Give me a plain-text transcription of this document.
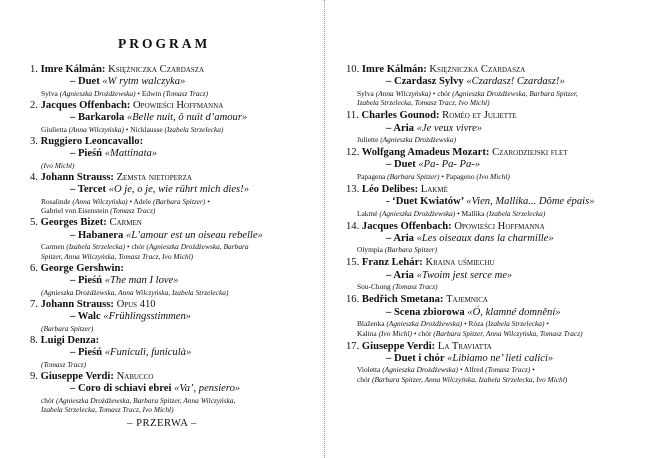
PROGRAM
1. Imre Kálmán: Księżniczka Czardasza
– Duet «W rytm walczyka»
Sylva (Agnieszka Drożdżewska) • Edwin (Tomasz Tracz)
2. Jacques Offenbach: Opowieści Hoffmanna
– Barkarola «Belle nuit, ô nuit d’amour»
Giulietta (Anna Wilczyńska) • Nicklausse (Izabela Strzelecka)
3. Ruggiero Leoncavallo:
– Pieśń «Mattinata»
(Ivo Michl)
4. Johann Strauss: Zemsta nietoperza
– Tercet «O je, o je, wie rührt mich dies!»
Rosalinde (Anna Wilczyńska) • Adele (Barbara Spitzer) •
Gabriel von Eisenstein (Tomasz Tracz)
5. Georges Bizet: Carmen
– Habanera «L’amour est un oiseau rebelle»
Carmen (Izabela Strzelecka) • chór (Agnieszka Drożdżewska, Barbara
Spitzer, Anna Wilczyńska, Tomasz Tracz, Ivo Michl)
6. George Gershwin:
– Pieśń «The man I love»
(Agnieszka Drożdżewska, Anna Wilczyńska, Izabela Strzelecka)
7. Johann Strauss: Opus 410
– Walc «Frühlingsstimmen»
(Barbara Spitzer)
8. Luigi Denza:
– Pieśń «Funiculì, funiculà»
(Tomasz Tracz)
9. Giuseppe Verdi: Nabucco
– Coro di schiavi ebrei «Va’, pensiero»
chór (Agnieszka Drożdżewska, Barbara Spitzer, Anna Wilczyńska,
Izabela Strzelecka, Tomasz Tracz, Ivo Michl)
10. Imre Kálmán: Księżniczka Czardasza
– Czardasz Sylvy «Czardasz! Czardasz!»
Sylva (Anna Wilczyńska) • chór (Agnieszka Drożdżewska, Barbara Spitzer,
Izabela Strzelecka, Tomasz Tracz, Ivo Michl)
11. Charles Gounod: Roméo et Juliette
– Aria «Je veux vivre»
Juliette (Agnieszka Drożdżewska)
12. Wolfgang Amadeus Mozart: Czarodziejski flet
– Duet «Pa- Pa- Pa-»
Papagena (Barbara Spitzer) • Papageno (Ivo Michl)
13. Léo Delibes: Lakmé
- ‘Duet Kwiatów’ «Vien, Mallika... Dôme épais»
Lakmé (Agnieszka Drożdżewska) • Mallika (Izabela Strzelecka)
14. Jacques Offenbach: Opowieści Hoffmanna
– Aria «Les oiseaux dans la charmille»
Olympia (Barbara Spitzer)
15. Franz Lehár: Kraina uśmiechu
– Aria «Twoim jest serce me»
Sou-Chong (Tomasz Tracz)
16. Bedřich Smetana: Tajemnica
– Scena zbiorowa «Ó, klamné domnění»
Blaženka (Agnieszka Drożdżewska) • Róza (Izabela Strzelecka) •
Kalina (Ivo Michl) • chór (Barbara Spitzer, Anna Wilczyńska, Tomasz Tracz)
17. Giuseppe Verdi: La Traviatta
– Duet i chór «Libiamo ne’ lieti calici»
Violetta (Agnieszka Drożdżewska) • Alfred (Tomasz Tracz) •
chór (Barbara Spitzer, Anna Wilczyńska, Izabela Strzelecka, Ivo Michl)

– PRZERWA –
